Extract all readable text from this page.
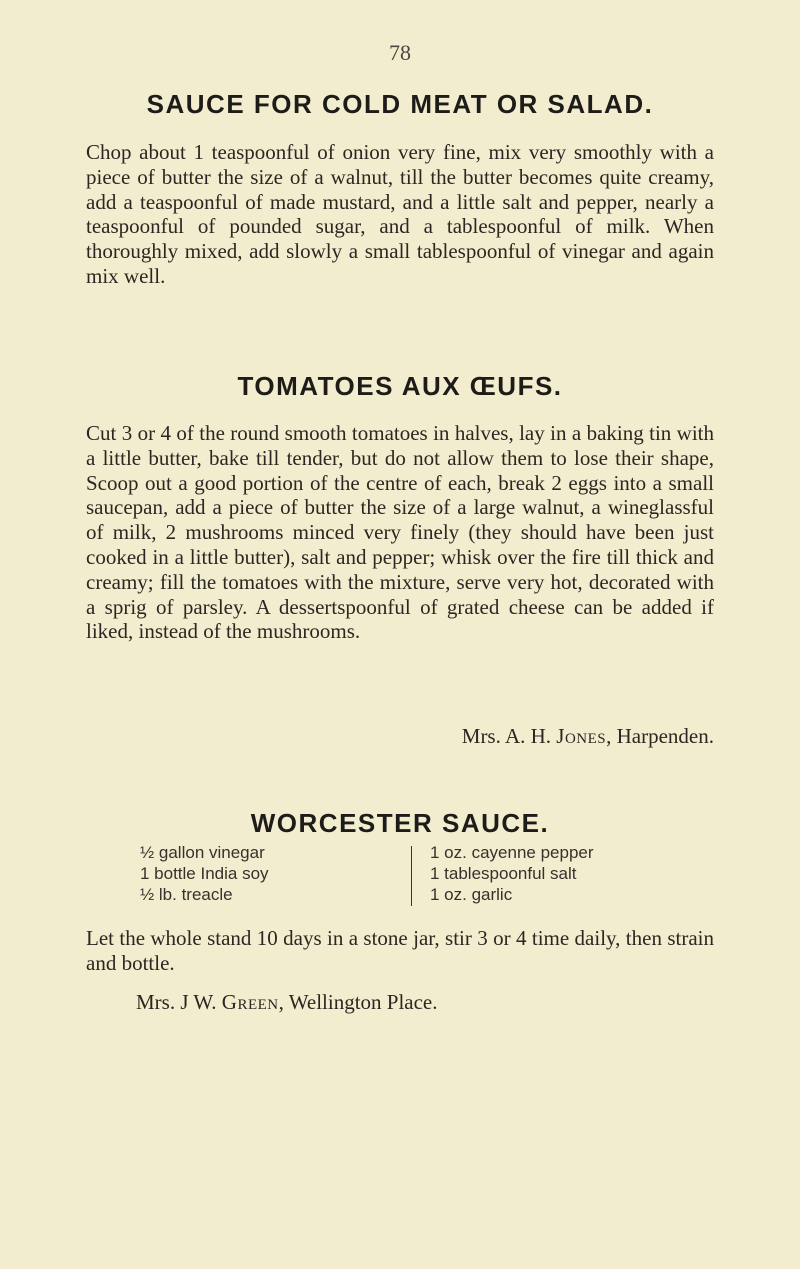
78
SAUCE FOR COLD MEAT OR SALAD.
Chop about 1 teaspoonful of onion very fine, mix very smoothly with a piece of butter the size of a walnut, till the butter becomes quite creamy, add a teaspoonful of made mustard, and a little salt and pepper, nearly a teaspoonful of pounded sugar, and a tablespoonful of milk. When thoroughly mixed, add slowly a small tablespoonful of vinegar and again mix well.
TOMATOES AUX ŒUFS.
Cut 3 or 4 of the round smooth tomatoes in halves, lay in a baking tin with a little butter, bake till tender, but do not allow them to lose their shape, Scoop out a good portion of the centre of each, break 2 eggs into a small saucepan, add a piece of butter the size of a large walnut, a wineglassful of milk, 2 mushrooms minced very finely (they should have been just cooked in a little butter), salt and pepper; whisk over the fire till thick and creamy; fill the tomatoes with the mixture, serve very hot, decorated with a sprig of parsley. A dessertspoonful of grated cheese can be added if liked, instead of the mushrooms.
Mrs. A. H. Jones, Harpenden.
WORCESTER SAUCE.
½ gallon vinegar
1 bottle India soy
½ lb. treacle
1 oz. cayenne pepper
1 tablespoonful salt
1 oz. garlic
Let the whole stand 10 days in a stone jar, stir 3 or 4 time daily, then strain and bottle.
Mrs. J W. Green, Wellington Place.
